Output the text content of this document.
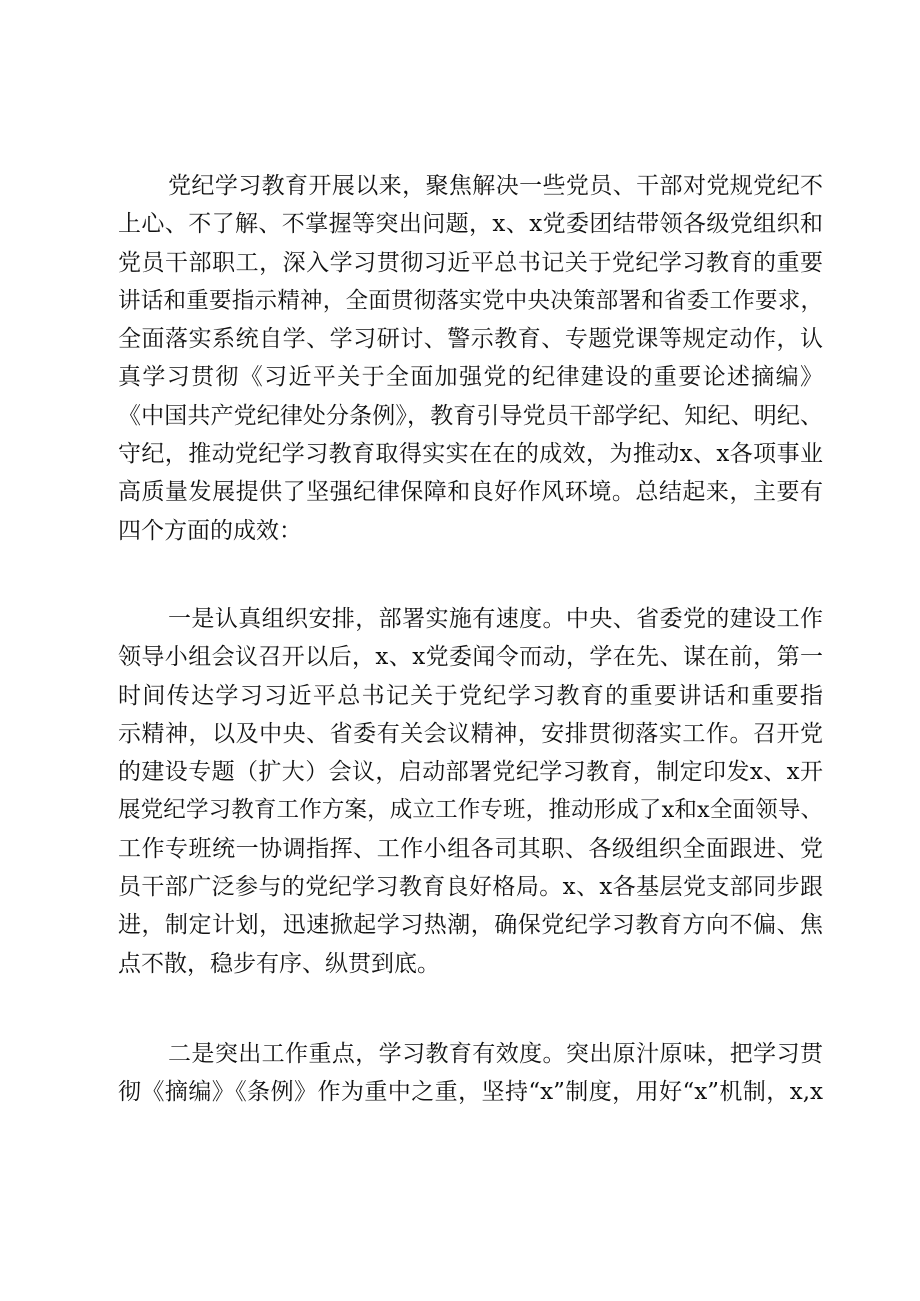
党纪学习教育开展以来，聚焦解决一些党员、干部对党规党纪不
上心、不了解、不掌握等突出问题，x、x党委团结带领各级党组织和
党员干部职工，深入学习贯彻习近平总书记关于党纪学习教育的重要
讲话和重要指示精神，全面贯彻落实党中央决策部署和省委工作要求，
全面落实系统自学、学习研讨、警示教育、专题党课等规定动作，认
真学习贯彻《习近平关于全面加强党的纪律建设的重要论述摘编》
《中国共产党纪律处分条例》，教育引导党员干部学纪、知纪、明纪、
守纪，推动党纪学习教育取得实实在在的成效，为推动x、x各项事业
高质量发展提供了坚强纪律保障和良好作风环境。总结起来，主要有
四个方面的成效：
一是认真组织安排，部署实施有速度。中央、省委党的建设工作
领导小组会议召开以后，x、x党委闻令而动，学在先、谋在前，第一
时间传达学习习近平总书记关于党纪学习教育的重要讲话和重要指
示精神，以及中央、省委有关会议精神，安排贯彻落实工作。召开党
的建设专题（扩大）会议，启动部署党纪学习教育，制定印发x、x开
展党纪学习教育工作方案，成立工作专班，推动形成了x和x全面领导、
工作专班统一协调指挥、工作小组各司其职、各级组织全面跟进、党
员干部广泛参与的党纪学习教育良好格局。x、x各基层党支部同步跟
进，制定计划，迅速掀起学习热潮，确保党纪学习教育方向不偏、焦
点不散，稳步有序、纵贯到底。
二是突出工作重点，学习教育有效度。突出原汁原味，把学习贯
彻《摘编》《条例》作为重中之重，坚持“x”制度，用好“x”机制，x,x
